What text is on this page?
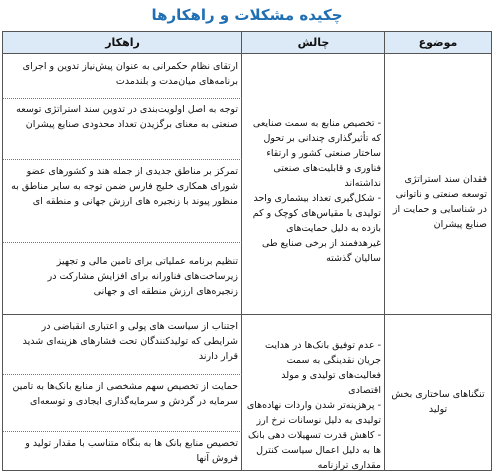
چکیده مشکلات و راهکارها
موضوع
چالش
راهکار
فقدان سند استراتژی توسعه صنعتی و ناتوانی در شناسایی و حمایت از صنایع پیشران
- تخصیص منابع به سمت صنایعی که تأثیرگذاری چندانی بر تحول ساختار صنعتی کشور و ارتقاء فناوری و قابلیت‌های صنعتی نداشته‌اند
- شکل‌گیری تعداد بیشماری واحد تولیدی با مقیاس‌های کوچک و کم بازده به دلیل حمایت‌های غیرهدفمند از برخی صنایع طی سالیان گذشته
ارتقای نظام حکمرانی به عنوان پیش‌نیاز تدوین و اجرای برنامه‌های میان‌مدت و بلندمدت
توجه به اصل اولویت‌بندی در تدوین سند استراتژی توسعه صنعتی به معنای برگزیدن تعداد محدودی صنایع پیشران
تمرکز بر مناطق جدیدی از جمله هند و کشورهای عضو شورای همکاری خلیج فارس ضمن توجه به سایر مناطق به منظور پیوند با زنجیره های ارزش جهانی و منطقه ای
تنظیم برنامه عملیاتی برای تامین مالی و تجهیز زیرساخت‌های فناورانه برای افزایش مشارکت در زنجیره‌های ارزش منطقه ای و جهانی
تنگناهای ساختاری بخش تولید
- عدم توفیق بانک‌ها در هدایت جریان نقدینگی به سمت فعالیت‌های تولیدی و مولد اقتصادی
- پرهزینه‌تر شدن واردات نهاده‌های تولیدی به دلیل نوسانات نرخ ارز
- کاهش قدرت تسهیلات دهی بانک ها به دلیل اعمال سیاست کنترل مقداری ترازنامه
اجتناب از سیاست های پولی و اعتباری انقباضی در شرایطی که تولیدکنندگان تحت فشارهای هزینه‌ای شدید قرار دارند
حمایت از تخصیص سهم مشخصی از منابع بانک‌ها به تامین سرمایه در گردش و سرمایه‌گذاری ایجادی و توسعه‌ای
تخصیص منابع بانک ها به بنگاه متناسب با مقدار تولید و فروش آنها
